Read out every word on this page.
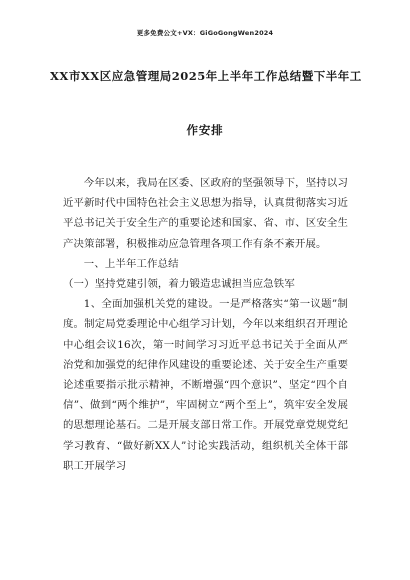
更多免费公文+VX：GiGoGongWen2024
XX市XX区应急管理局2025年上半年工作总结暨下半年工
作安排

今年以来，我局在区委、区政府的坚强领导下，坚持以习近平新时代中国特色社会主义思想为指导，认真贯彻落实习近平总书记关于安全生产的重要论述和国家、省、市、区安全生产决策部署，积极推动应急管理各项工作有条不紊开展。

一、上半年工作总结

（一）坚持党建引领，着力锻造忠诚担当应急铁军

1、全面加强机关党的建设。一是严格落实“第一议题”制度。制定局党委理论中心组学习计划，今年以来组织召开理论中心组会议16次，第一时间学习习近平总书记关于全面从严治党和加强党的纪律作风建设的重要论述、关于安全生产重要论述重要指示批示精神，不断增强“四个意识”、坚定“四个自信”、做到“两个维护”，牢固树立“两个至上”，筑牢安全发展的思想理论基石。二是开展支部日常工作。开展党章党规党纪学习教育、“做好新XX人”讨论实践活动，组织机关全体干部职工开展学习
